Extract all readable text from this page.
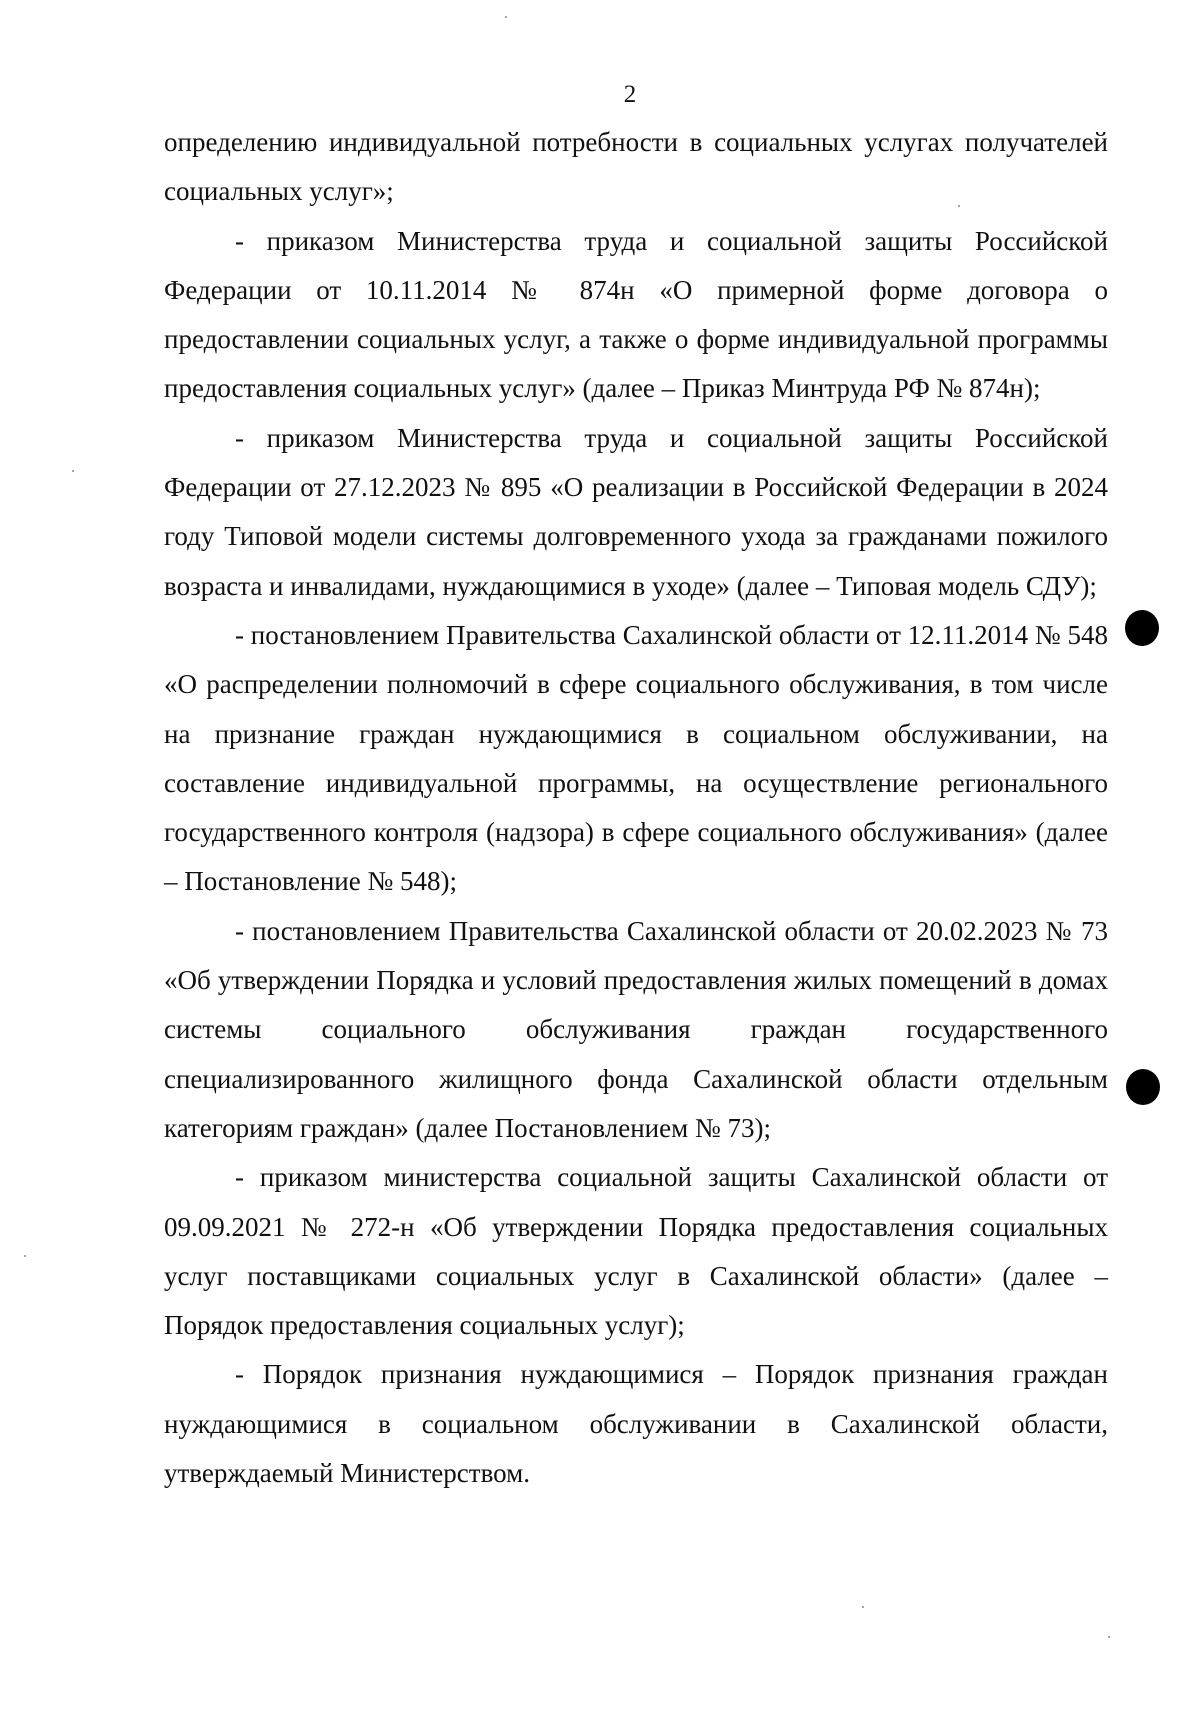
2

определению индивидуальной потребности в социальных услугах получателей социальных услуг»;

- приказом Министерства труда и социальной защиты Российской Федерации от 10.11.2014 № 874н «О примерной форме договора о предоставлении социальных услуг, а также о форме индивидуальной программы предоставления социальных услуг» (далее – Приказ Минтруда РФ № 874н);

- приказом Министерства труда и социальной защиты Российской Федерации от 27.12.2023 № 895 «О реализации в Российской Федерации в 2024 году Типовой модели системы долговременного ухода за гражданами пожилого возраста и инвалидами, нуждающимися в уходе» (далее – Типовая модель СДУ);

- постановлением Правительства Сахалинской области от 12.11.2014 № 548 «О распределении полномочий в сфере социального обслуживания, в том числе на признание граждан нуждающимися в социальном обслуживании, на составление индивидуальной программы, на осуществление регионального государственного контроля (надзора) в сфере социального обслуживания» (далее – Постановление № 548);

- постановлением Правительства Сахалинской области от 20.02.2023 № 73 «Об утверждении Порядка и условий предоставления жилых помещений в домах системы социального обслуживания граждан государственного специализированного жилищного фонда Сахалинской области отдельным категориям граждан» (далее Постановлением № 73);

- приказом министерства социальной защиты Сахалинской области от 09.09.2021 № 272-н «Об утверждении Порядка предоставления социальных услуг поставщиками социальных услуг в Сахалинской области» (далее – Порядок предоставления социальных услуг);

- Порядок признания нуждающимися – Порядок признания граждан нуждающимися в социальном обслуживании в Сахалинской области, утверждаемый Министерством.
